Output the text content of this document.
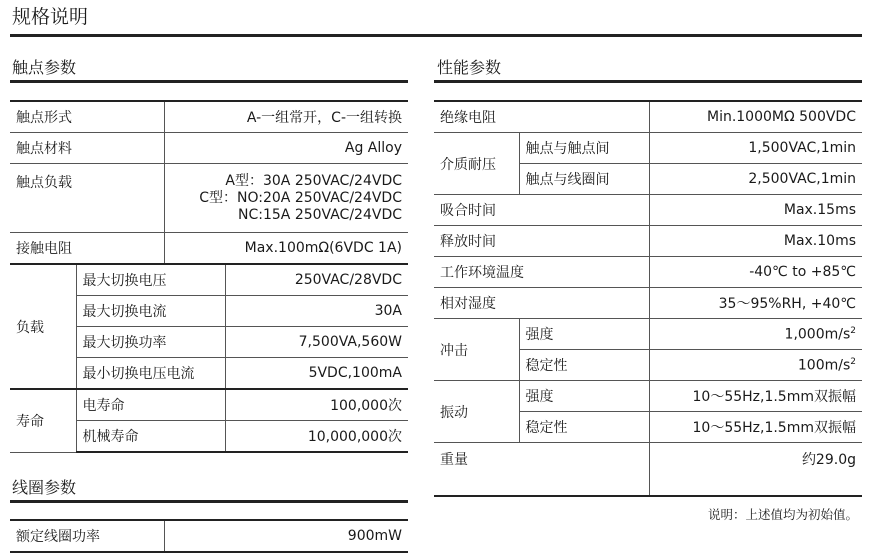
规格说明
触点参数
触点形式		A-一组常开，C-一组转换	
触点材料		Ag Alloy	
触点负载		A型：30A 250VAC/24VDC
C型：NO:20A 250VAC/24VDC
NC:15A 250VAC/24VDC	

接触电阻		Max.100mΩ(6VDC 1A)	
负载	最大切换电压		250VAC/28VDC
	最大切换电流		30A
	最大切换功率		7,500VA,560W
	最小切换电压电流		5VDC,100mA
寿命	电寿命		100,000次
	机械寿命		10,000,000次
线圈参数
额定线圈功率	900mW
性能参数
绝缘电阻		Min.1000MΩ 500VDC
介质耐压	触点与触点间	1,500VAC,1min
	触点与线圈间	2,500VAC,1min
吸合时间		Max.15ms
释放时间		Max.10ms
工作环境温度		-40℃ to +85℃
相对湿度		35～95%RH, +40℃
冲击	强度	$1,000m/s^2$
	稳定性	$100m/s^2$
振动	强度	10～55Hz,1.5mm双振幅
	稳定性	10～55Hz,1.5mm双振幅
重量		约29.0g
说明：上述值均为初始值。
